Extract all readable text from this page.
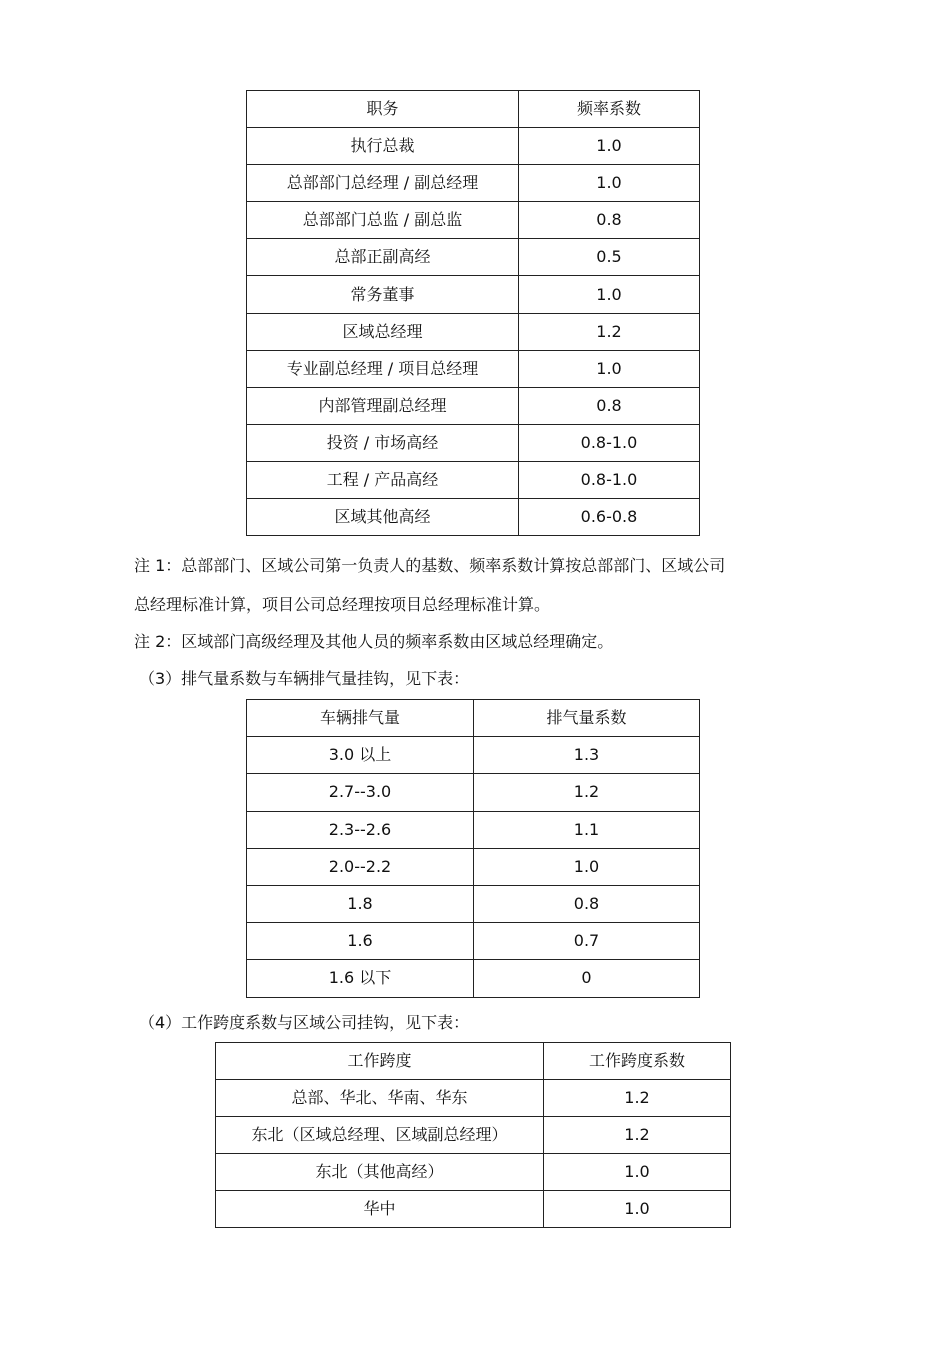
职务	频率系数
执行总裁	1.0
总部部门总经理 / 副总经理	1.0
总部部门总监 / 副总监	0.8
总部正副高经	0.5
常务董事	1.0
区域总经理	1.2
专业副总经理 / 项目总经理	1.0
内部管理副总经理	0.8
投资 / 市场高经	0.8-1.0
工程 / 产品高经	0.8-1.0
区域其他高经	0.6-0.8
注 1：总部部门、区域公司第一负责人的基数、频率系数计算按总部部门、区域公司
总经理标准计算，项目公司总经理按项目总经理标准计算。
注 2：区域部门高级经理及其他人员的频率系数由区域总经理确定。
（3）排气量系数与车辆排气量挂钩，见下表：
车辆排气量	排气量系数
3.0 以上	1.3
2.7--3.0	1.2
2.3--2.6	1.1
2.0--2.2	1.0
1.8	0.8
1.6	0.7
1.6 以下	0
（4）工作跨度系数与区域公司挂钩，见下表：
工作跨度	工作跨度系数
总部、华北、华南、华东	1.2
东北（区域总经理、区域副总经理）	1.2
东北（其他高经）	1.0
华中	1.0
